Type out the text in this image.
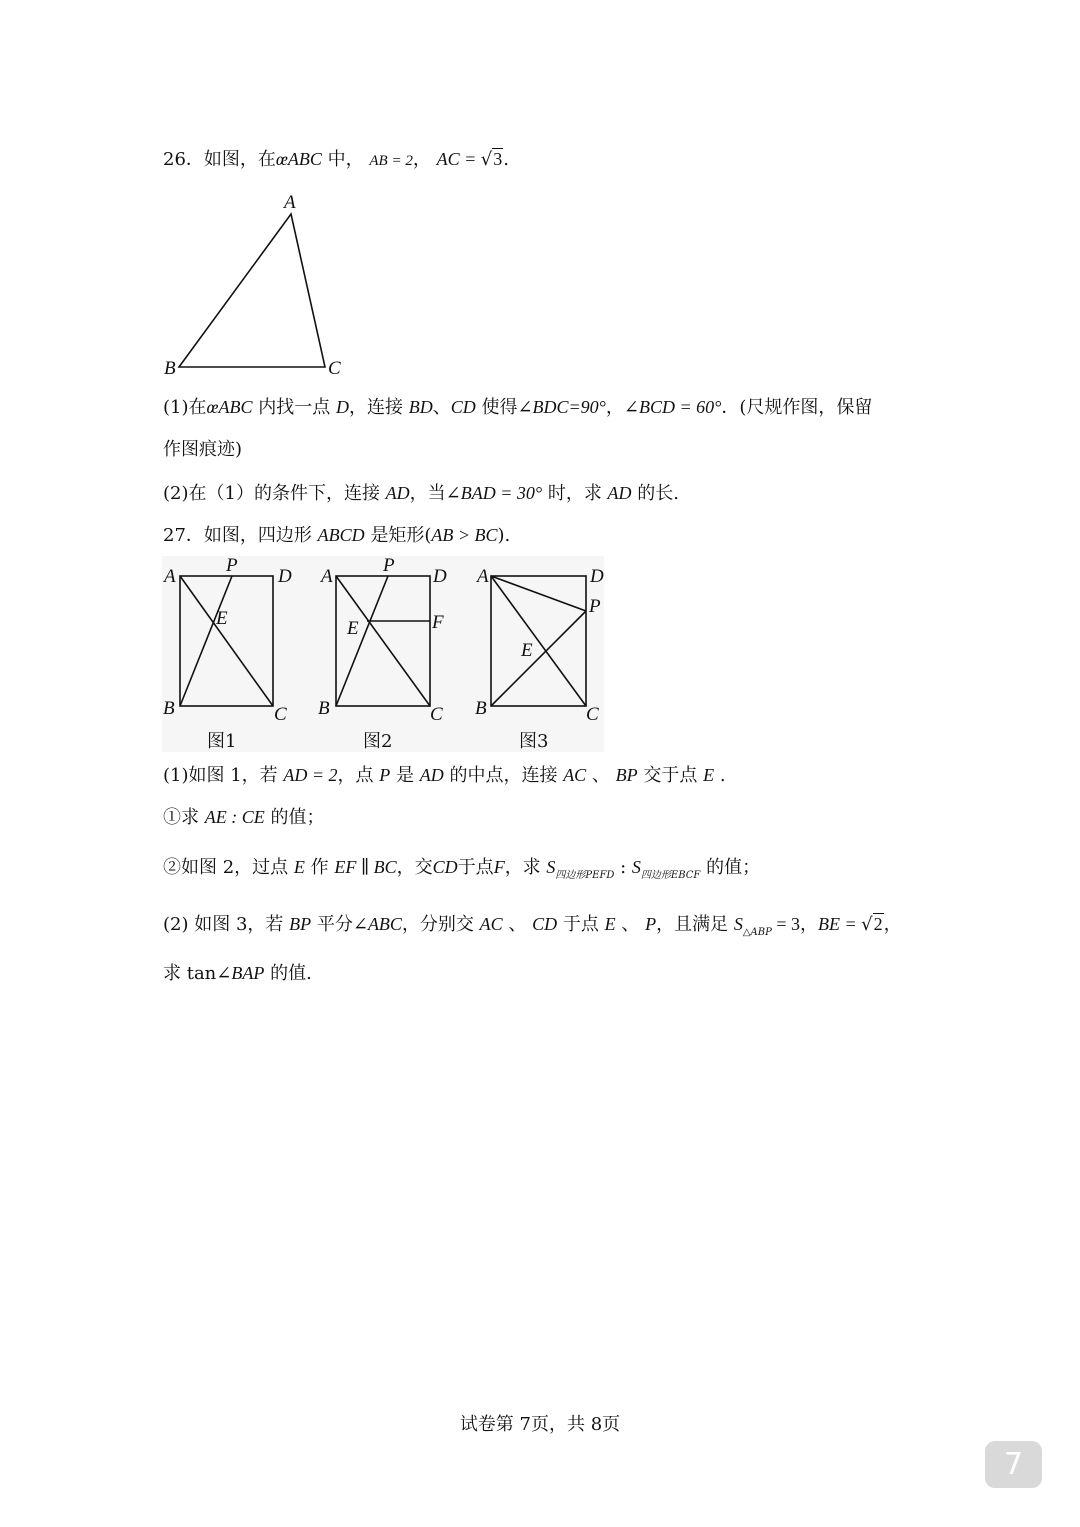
26．如图，在œABC 中， AB = 2， AC = √3.
A
B	C
(1)在œABC 内找一点 D，连接 BD、CD 使得∠BDC=90°，∠BCD = 60°．(尺规作图，保留
作图痕迹)
(2)在（1）的条件下，连接 AD，当∠BAD = 30° 时，求 AD 的长.
27．如图，四边形 ABCD 是矩形(AB > BC).
A
P
D
E
B	C
图1
A
P
D
E	F
B	C
图2
A	D
P
E
B	C
图3
(1)如图 1，若 AD = 2，点 P 是 AD 的中点，连接 AC 、 BP 交于点 E .
①求 AE : CE 的值；
②如图 2，过点 E 作 EF ∥ BC，交CD于点F，求 $S_{四边形PEFD}$ : $S_{四边形EBCF}$ 的值；
(2) 如图 3，若 BP 平分∠ABC，分别交 AC 、 CD 于点 E 、 P，且满足 $S_{\triangle ABP} = 3$，BE = √2，
求 tan∠BAP 的值.
试卷第 7页，共 8页
7
